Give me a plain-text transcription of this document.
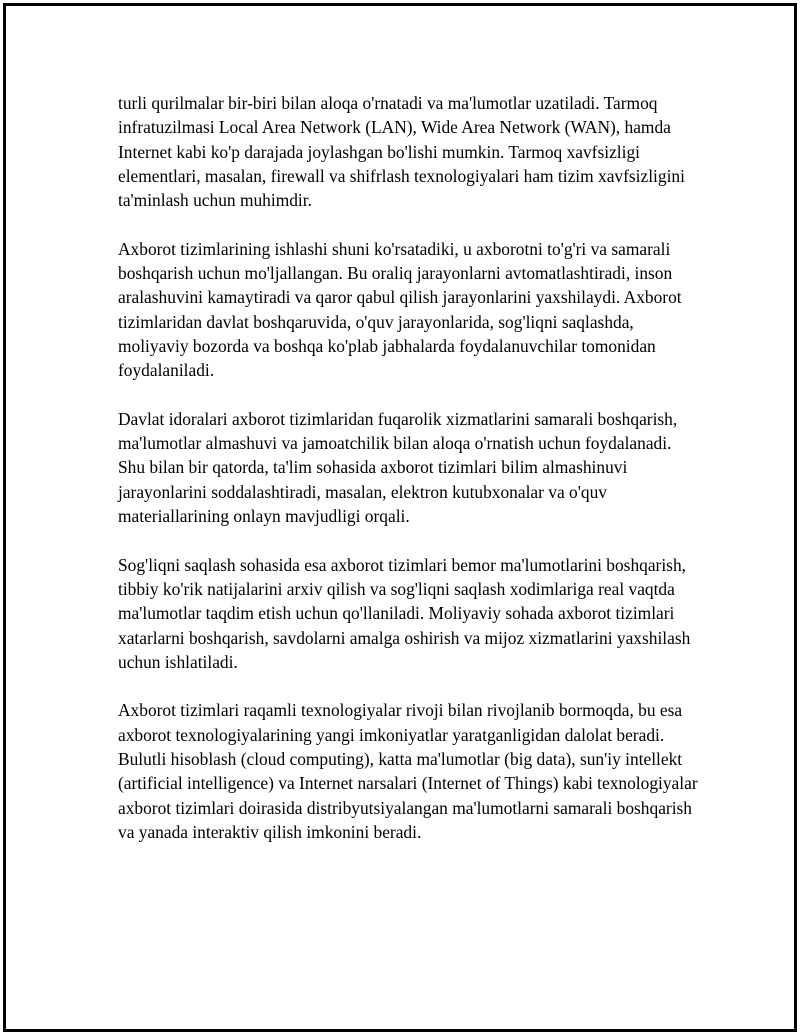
turli qurilmalar bir-biri bilan aloqa o'rnatadi va ma'lumotlar uzatiladi. Tarmoq infratuzilmasi Local Area Network (LAN), Wide Area Network (WAN), hamda Internet kabi ko'p darajada joylashgan bo'lishi mumkin. Tarmoq xavfsizligi elementlari, masalan, firewall va shifrlash texnologiyalari ham tizim xavfsizligini ta'minlash uchun muhimdir.

Axborot tizimlarining ishlashi shuni ko'rsatadiki, u axborotni to'g'ri va samarali boshqarish uchun mo'ljallangan. Bu oraliq jarayonlarni avtomatlashtiradi, inson aralashuvini kamaytiradi va qaror qabul qilish jarayonlarini yaxshilaydi. Axborot tizimlaridan davlat boshqaruvida, o'quv jarayonlarida, sog'liqni saqlashda, moliyaviy bozorda va boshqa ko'plab jabhalarda foydalanuvchilar tomonidan foydalaniladi.

Davlat idoralari axborot tizimlaridan fuqarolik xizmatlarini samarali boshqarish, ma'lumotlar almashuvi va jamoatchilik bilan aloqa o'rnatish uchun foydalanadi. Shu bilan bir qatorda, ta'lim sohasida axborot tizimlari bilim almashinuvi jarayonlarini soddalashtiradi, masalan, elektron kutubxonalar va o'quv materiallarining onlayn mavjudligi orqali.

Sog'liqni saqlash sohasida esa axborot tizimlari bemor ma'lumotlarini boshqarish, tibbiy ko'rik natijalarini arxiv qilish va sog'liqni saqlash xodimlariga real vaqtda ma'lumotlar taqdim etish uchun qo'llaniladi. Moliyaviy sohada axborot tizimlari xatarlarni boshqarish, savdolarni amalga oshirish va mijoz xizmatlarini yaxshilash uchun ishlatiladi.

Axborot tizimlari raqamli texnologiyalar rivoji bilan rivojlanib bormoqda, bu esa axborot texnologiyalarining yangi imkoniyatlar yaratganligidan dalolat beradi. Bulutli hisoblash (cloud computing), katta ma'lumotlar (big data), sun'iy intellekt (artificial intelligence) va Internet narsalari (Internet of Things) kabi texnologiyalar axborot tizimlari doirasida distribyutsiyalangan ma'lumotlarni samarali boshqarish va yanada interaktiv qilish imkonini beradi.
